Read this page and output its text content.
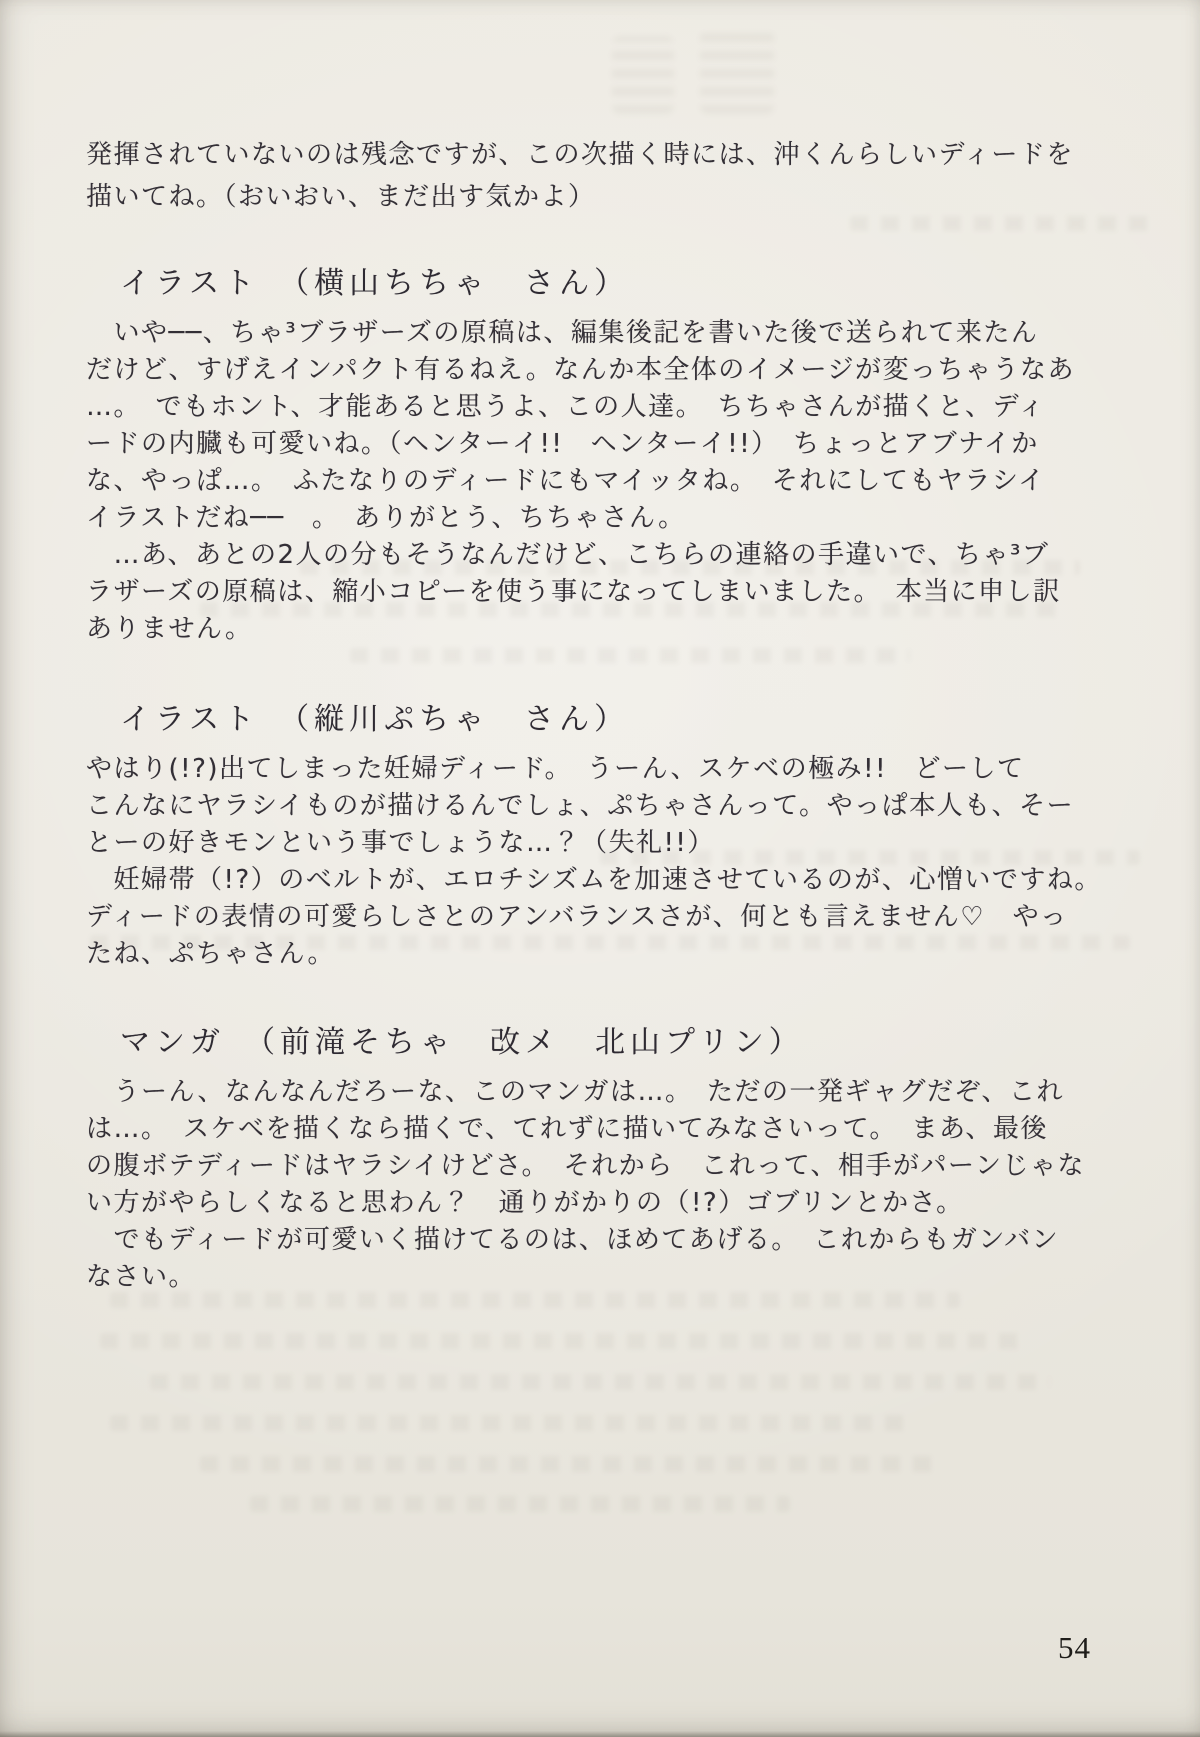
発揮されていないのは残念ですが、この次描く時には、沖くんらしいディードを
描いてね。（おいおい、まだ出す気かよ）
イラスト　（横山ちちゃ　さん）
　いや──、ちゃ³ブラザーズの原稿は、編集後記を書いた後で送られて来たん
だけど、すげえインパクト有るねえ。なんか本全体のイメージが変っちゃうなあ
…。　でもホント、才能あると思うよ、この人達。　ちちゃさんが描くと、ディ
ードの内臓も可愛いね。（ヘンターイ!!　ヘンターイ!!）　ちょっとアブナイか
な、やっぱ…。　ふたなりのディードにもマイッタね。　それにしてもヤラシイ
イラストだね──　。　ありがとう、ちちゃさん。
　…あ、あとの2人の分もそうなんだけど、こちらの連絡の手違いで、ちゃ³ブ
ラザーズの原稿は、縮小コピーを使う事になってしまいました。　本当に申し訳
ありません。
イラスト　（縦川ぷちゃ　さん）
やはり(!?)出てしまった妊婦ディード。　うーん、スケベの極み!!　どーして
こんなにヤラシイものが描けるんでしょ、ぷちゃさんって。やっぱ本人も、そー
とーの好きモンという事でしょうな…？（失礼!!）
　妊婦帯（!?）のベルトが、エロチシズムを加速させているのが、心憎いですね。
ディードの表情の可愛らしさとのアンバランスさが、何とも言えません♡　やっ
たね、ぷちゃさん。
マンガ　（前滝そちゃ　改メ　北山プリン）
　うーん、なんなんだろーな、このマンガは…。　ただの一発ギャグだぞ、これ
は…。　スケベを描くなら描くで、てれずに描いてみなさいって。　まあ、最後
の腹ボテディードはヤラシイけどさ。　それから　これって、相手がパーンじゃな
い方がやらしくなると思わん？　通りがかりの（!?）ゴブリンとかさ。
　でもディードが可愛いく描けてるのは、ほめてあげる。　これからもガンバン
なさい。
54
